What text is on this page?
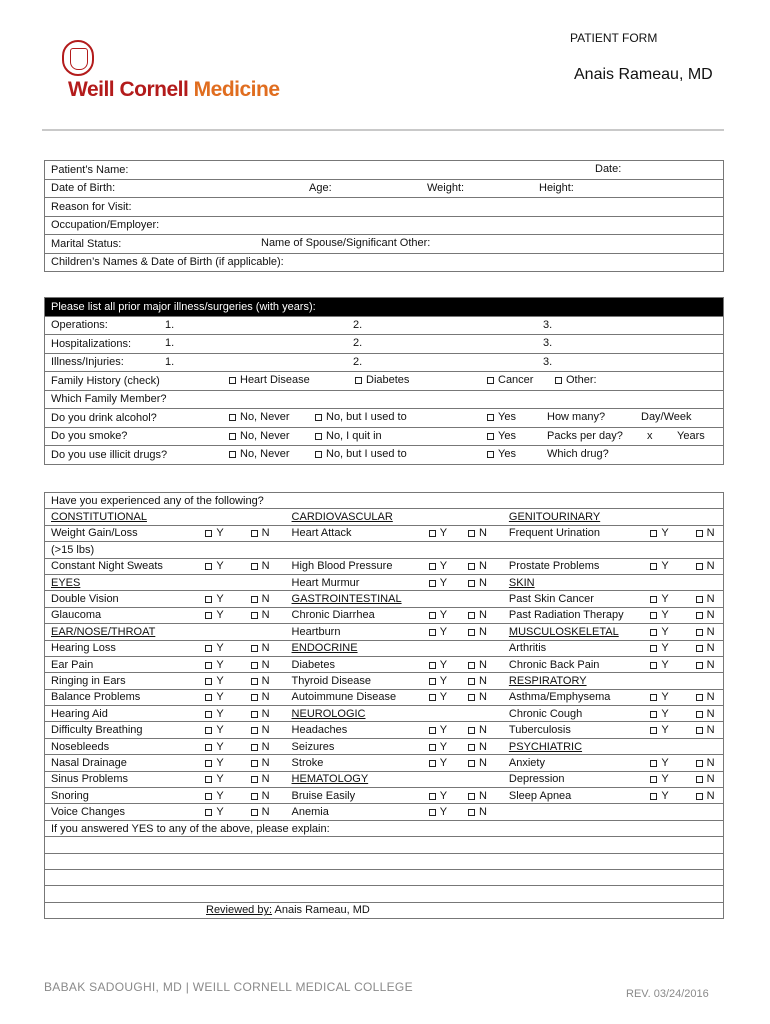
Weill Cornell Medicine
PATIENT FORM
Anais Rameau, MD
Patient’s Name:	Date:

Date of Birth:	Age:	Weight:	Height:

Reason for Visit:
Occupation/Employer:
Marital Status:	Name of Spouse/Significant Other:

Children’s Names & Date of Birth (if applicable):
Please list all prior major illness/surgeries (with years):
Operations:	1.	2.	3.

Hospitalizations:	1.	2.	3.

Illness/Injuries:	1.	2.	3.

Family History (check)	Heart Disease	Diabetes	Cancer	Other:

Which Family Member?
Do you drink alcohol?	No, Never	No, but I used to	Yes	How many?	Day/Week

Do you smoke?	No, Never	No, I quit in	Yes	Packs per day? x Years

Do you use illicit drugs?	No, Never	No, but I used to	Yes	Which drug?
Have you experienced any of the following?								
CONSTITUTIONAL			CARDIOVASCULAR			GENITOURINARY		
Weight Gain/Loss	Y	N	Heart Attack	Y	N	Frequent Urination	Y	N
(>15 lbs)								
Constant Night Sweats	Y	N	High Blood Pressure	Y	N	Prostate Problems	Y	N
EYES			Heart Murmur	Y	N	SKIN		
Double Vision	Y	N	GASTROINTESTINAL			Past Skin Cancer	Y	N
Glaucoma	Y	N	Chronic Diarrhea	Y	N	Past Radiation Therapy	Y	N
EAR/NOSE/THROAT			Heartburn	Y	N	MUSCULOSKELETAL	Y	N
Hearing Loss	Y	N	ENDOCRINE			Arthritis	Y	N
Ear Pain	Y	N	Diabetes	Y	N	Chronic Back Pain	Y	N
Ringing in Ears	Y	N	Thyroid Disease	Y	N	RESPIRATORY		
Balance Problems	Y	N	Autoimmune Disease	Y	N	Asthma/Emphysema	Y	N
Hearing Aid	Y	N	NEUROLOGIC			Chronic Cough	Y	N
Difficulty Breathing	Y	N	Headaches	Y	N	Tuberculosis	Y	N
Nosebleeds	Y	N	Seizures	Y	N	PSYCHIATRIC		
Nasal Drainage	Y	N	Stroke	Y	N	Anxiety	Y	N
Sinus Problems	Y	N	HEMATOLOGY			Depression	Y	N
Snoring	Y	N	Bruise Easily	Y	N	Sleep Apnea	Y	N
Voice Changes	Y	N	Anemia	Y	N			
If you answered YES to any of the above, please explain:								

Reviewed by: Anais Rameau, MD								
BABAK SADOUGHI, MD | WEILL CORNELL MEDICAL COLLEGE	REV. 03/24/2016
